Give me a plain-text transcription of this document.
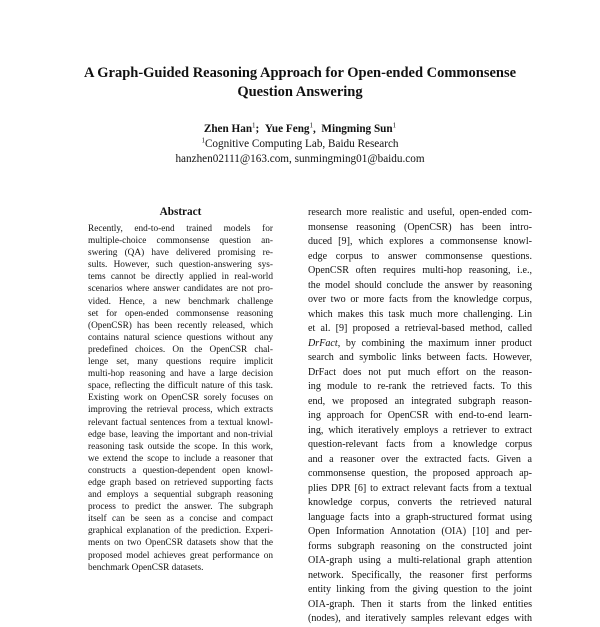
A Graph-Guided Reasoning Approach for Open-ended Commonsense
Question Answering
Zhen Han$^1$;  Yue Feng$^1$,  Mingming Sun$^1$
$^1$Cognitive Computing Lab, Baidu Research
hanzhen02111@163.com, sunmingming01@baidu.com
Abstract
Recently, end-to-end trained models for
multiple-choice commonsense question an-
swering (QA) have delivered promising re-
sults. However, such question-answering sys-
tems cannot be directly applied in real-world
scenarios where answer candidates are not pro-
vided. Hence, a new benchmark challenge
set for open-ended commonsense reasoning
(OpenCSR) has been recently released, which
contains natural science questions without any
predefined choices. On the OpenCSR chal-
lenge set, many questions require implicit
multi-hop reasoning and have a large decision
space, reflecting the difficult nature of this task.
Existing work on OpenCSR sorely focuses on
improving the retrieval process, which extracts
relevant factual sentences from a textual knowl-
edge base, leaving the important and non-trivial
reasoning task outside the scope. In this work,
we extend the scope to include a reasoner that
constructs a question-dependent open knowl-
edge graph based on retrieved supporting facts
and employs a sequential subgraph reasoning
process to predict the answer. The subgraph
itself can be seen as a concise and compact
graphical explanation of the prediction. Experi-
ments on two OpenCSR datasets show that the
proposed model achieves great performance on
benchmark OpenCSR datasets.
research more realistic and useful, open-ended com-
monsense reasoning (OpenCSR) has been intro-
duced [9], which explores a commonsense knowl-
edge corpus to answer commonsense questions.
OpenCSR often requires multi-hop reasoning, i.e.,
the model should conclude the answer by reasoning
over two or more facts from the knowledge corpus,
which makes this task much more challenging. Lin
et al. [9] proposed a retrieval-based method, called
DrFact, by combining the maximum inner product
search and symbolic links between facts. However,
DrFact does not put much effort on the reason-
ing module to re-rank the retrieved facts. To this
end, we proposed an integrated subgraph reason-
ing approach for OpenCSR with end-to-end learn-
ing, which iteratively employs a retriever to extract
question-relevant facts from a knowledge corpus
and a reasoner over the extracted facts. Given a
commonsense question, the proposed approach ap-
plies DPR [6] to extract relevant facts from a textual
knowledge corpus, converts the retrieved natural
language facts into a graph-structured format using
Open Information Annotation (OIA) [10] and per-
forms subgraph reasoning on the constructed joint
OIA-graph using a multi-relational graph attention
network. Specifically, the reasoner first performs
entity linking from the giving question to the joint
OIA-graph. Then it starts from the linked entities
(nodes), and iteratively samples relevant edges with
